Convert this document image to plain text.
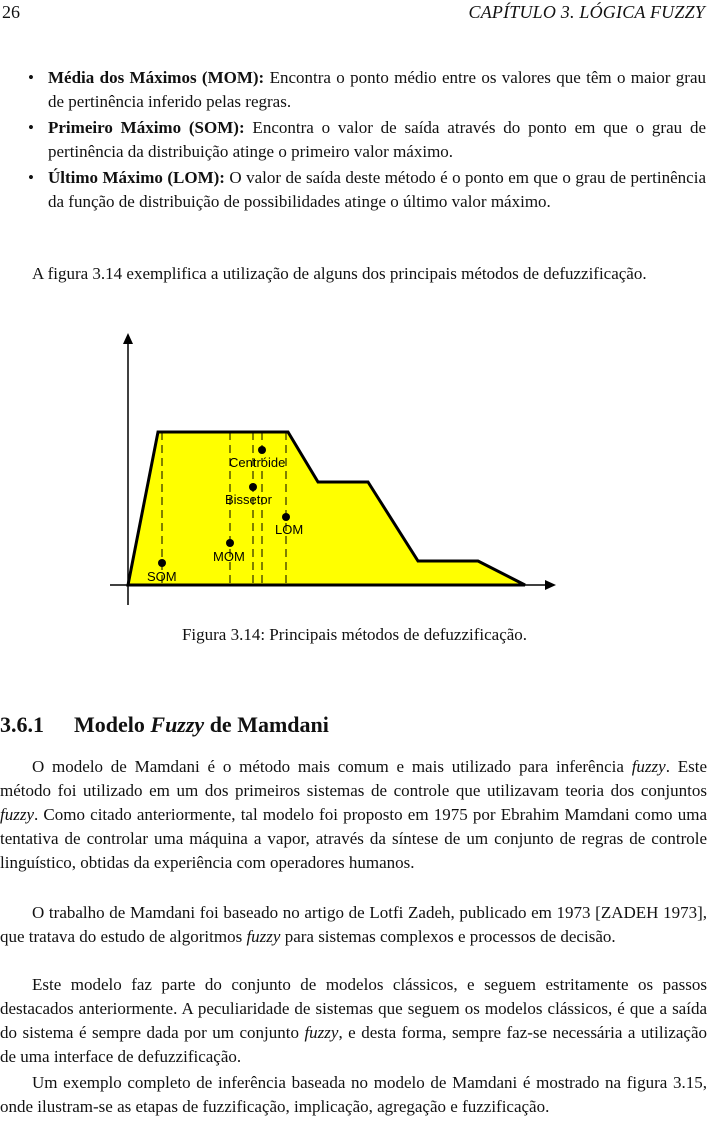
26	CAPÍTULO 3. LÓGICA FUZZY
• Média dos Máximos (MOM): Encontra o ponto médio entre os valores que têm o maior grau de pertinência inferido pelas regras.
• Primeiro Máximo (SOM): Encontra o valor de saída através do ponto em que o grau de pertinência da distribuição atinge o primeiro valor máximo.
• Último Máximo (LOM): O valor de saída deste método é o ponto em que o grau de pertinência da função de distribuição de possibilidades atinge o último valor máximo.

A figura 3.14 exemplifica a utilização de alguns dos principais métodos de defuzzificação.

Centróide
Bissetor
LOM
MOM
SOM
Figura 3.14: Principais métodos de defuzzificação.
3.6.1 Modelo Fuzzy de Mamdani

O modelo de Mamdani é o método mais comum e mais utilizado para inferência fuzzy. Este método foi utilizado em um dos primeiros sistemas de controle que utilizavam teoria dos conjuntos fuzzy. Como citado anteriormente, tal modelo foi proposto em 1975 por Ebrahim Mamdani como uma tentativa de controlar uma máquina a vapor, através da síntese de um conjunto de regras de controle linguístico, obtidas da experiência com operadores humanos.

O trabalho de Mamdani foi baseado no artigo de Lotfi Zadeh, publicado em 1973 [ZADEH 1973], que tratava do estudo de algoritmos fuzzy para sistemas complexos e processos de decisão.

Este modelo faz parte do conjunto de modelos clássicos, e seguem estritamente os passos destacados anteriormente. A peculiaridade de sistemas que seguem os modelos clássicos, é que a saída do sistema é sempre dada por um conjunto fuzzy, e desta forma, sempre faz-se necessária a utilização de uma interface de defuzzificação.

Um exemplo completo de inferência baseada no modelo de Mamdani é mostrado na figura 3.15, onde ilustram-se as etapas de fuzzificação, implicação, agregação e fuzzificação.
